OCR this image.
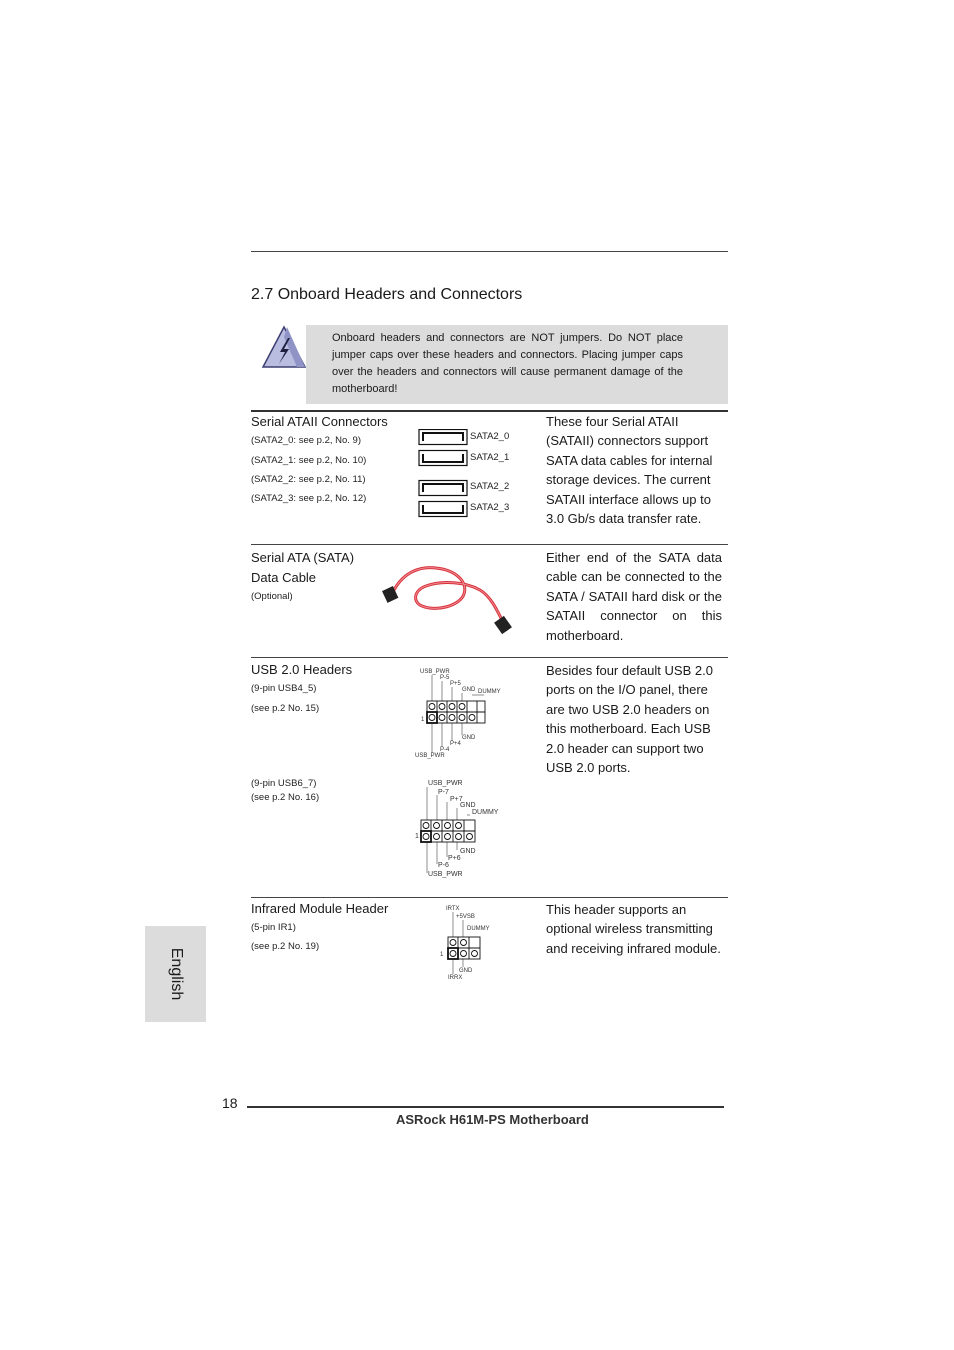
2.7 Onboard Headers and Connectors
Onboard headers and connectors are NOT jumpers. Do NOT place jumper caps over these headers and connectors. Placing jumper caps over the headers and connectors will cause permanent damage of the motherboard!
Serial ATAII Connectors
(SATA2_0: see p.2, No. 9)
(SATA2_1: see p.2, No. 10)
(SATA2_2: see p.2, No. 11)
(SATA2_3: see p.2, No. 12)
SATA2_0
SATA2_1
SATA2_2
SATA2_3
These four Serial ATAII (SATAII) connectors support SATA data cables for internal storage devices. The current SATAII interface allows up to 3.0 Gb/s data transfer rate.
Serial ATA (SATA)
Data Cable
(Optional)
Either end of the SATA data cable can be connected to the SATA / SATAII hard disk or the SATAII connector on this motherboard.
USB 2.0 Headers
(9-pin USB4_5)
(see p.2 No. 15)
(9-pin USB6_7)
(see p.2 No. 16)
USB_PWR
P-5
P+5
GND DUMMY
1
GND
P+4
P-4
USB_PWR
USB_PWR
P-7
P+7
GND
DUMMY
1
GND
P+6
P-6
USB_PWR
Besides four default USB 2.0 ports on the I/O panel, there are two USB 2.0 headers on this motherboard. Each USB 2.0 header can support two USB 2.0 ports.
Infrared Module Header
(5-pin IR1)
(see p.2 No. 19)
IRTX
+5VSB
DUMMY
1
GND
IRRX
This header supports an optional wireless transmitting and receiving infrared module.
English
18
ASRock H61M-PS Motherboard
